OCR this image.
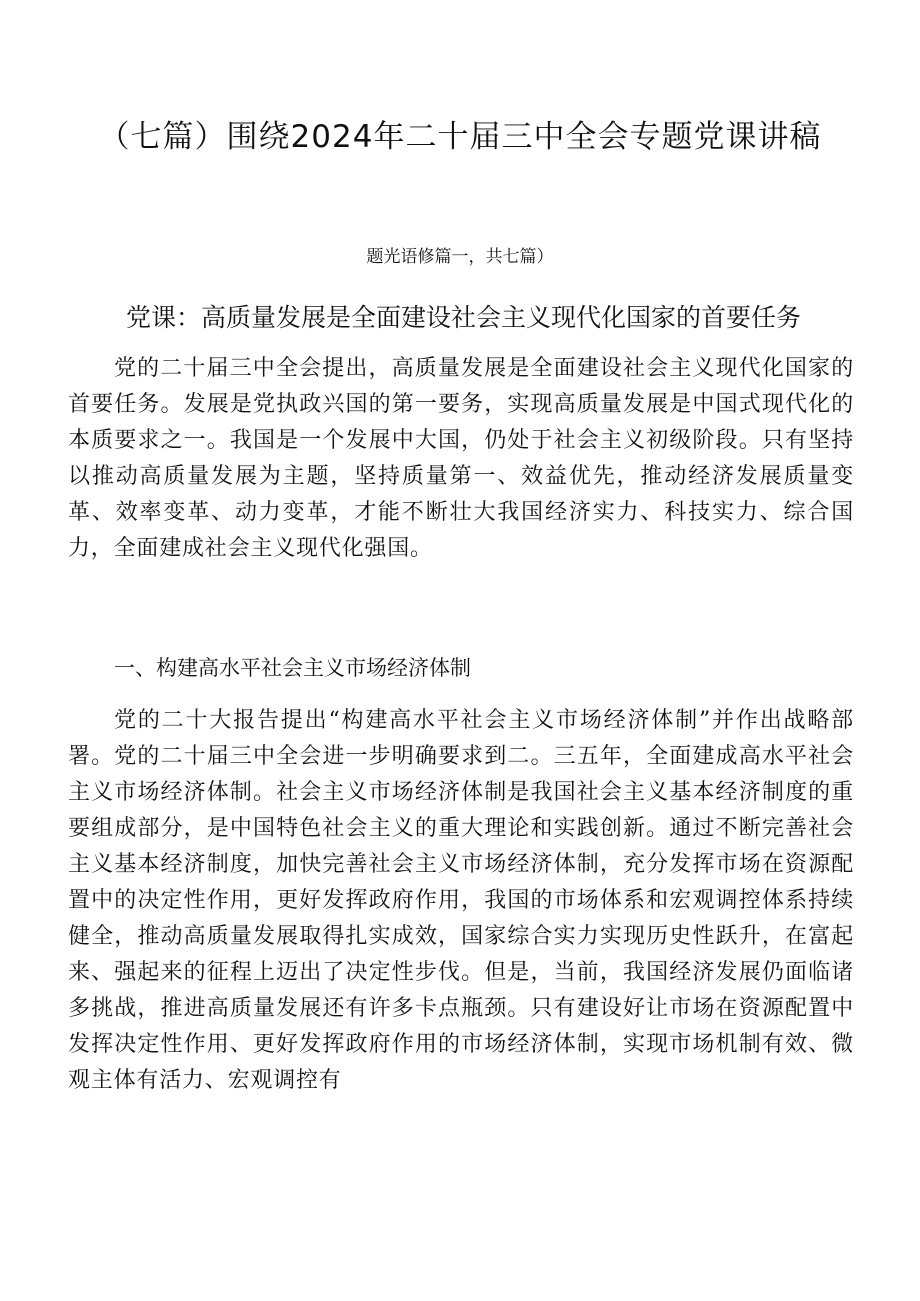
（七篇）围绕2024年二十届三中全会专题党课讲稿
题光语修篇一，共七篇）
党课：高质量发展是全面建设社会主义现代化国家的首要任务

党的二十届三中全会提出，高质量发展是全面建设社会主义现代化国家的首要任务。发展是党执政兴国的第一要务，实现高质量发展是中国式现代化的本质要求之一。我国是一个发展中大国，仍处于社会主义初级阶段。只有坚持以推动高质量发展为主题，坚持质量第一、效益优先，推动经济发展质量变革、效率变革、动力变革，才能不断壮大我国经济实力、科技实力、综合国力，全面建成社会主义现代化强国。

一、构建高水平社会主义市场经济体制

党的二十大报告提出“构建高水平社会主义市场经济体制”并作出战略部署。党的二十届三中全会进一步明确要求到二。三五年，全面建成高水平社会主义市场经济体制。社会主义市场经济体制是我国社会主义基本经济制度的重要组成部分，是中国特色社会主义的重大理论和实践创新。通过不断完善社会主义基本经济制度，加快完善社会主义市场经济体制，充分发挥市场在资源配置中的决定性作用，更好发挥政府作用，我国的市场体系和宏观调控体系持续健全，推动高质量发展取得扎实成效，国家综合实力实现历史性跃升，在富起来、强起来的征程上迈出了决定性步伐。但是，当前，我国经济发展仍面临诸多挑战，推进高质量发展还有许多卡点瓶颈。只有建设好让市场在资源配置中发挥决定性作用、更好发挥政府作用的市场经济体制，实现市场机制有效、微观主体有活力、宏观调控有
